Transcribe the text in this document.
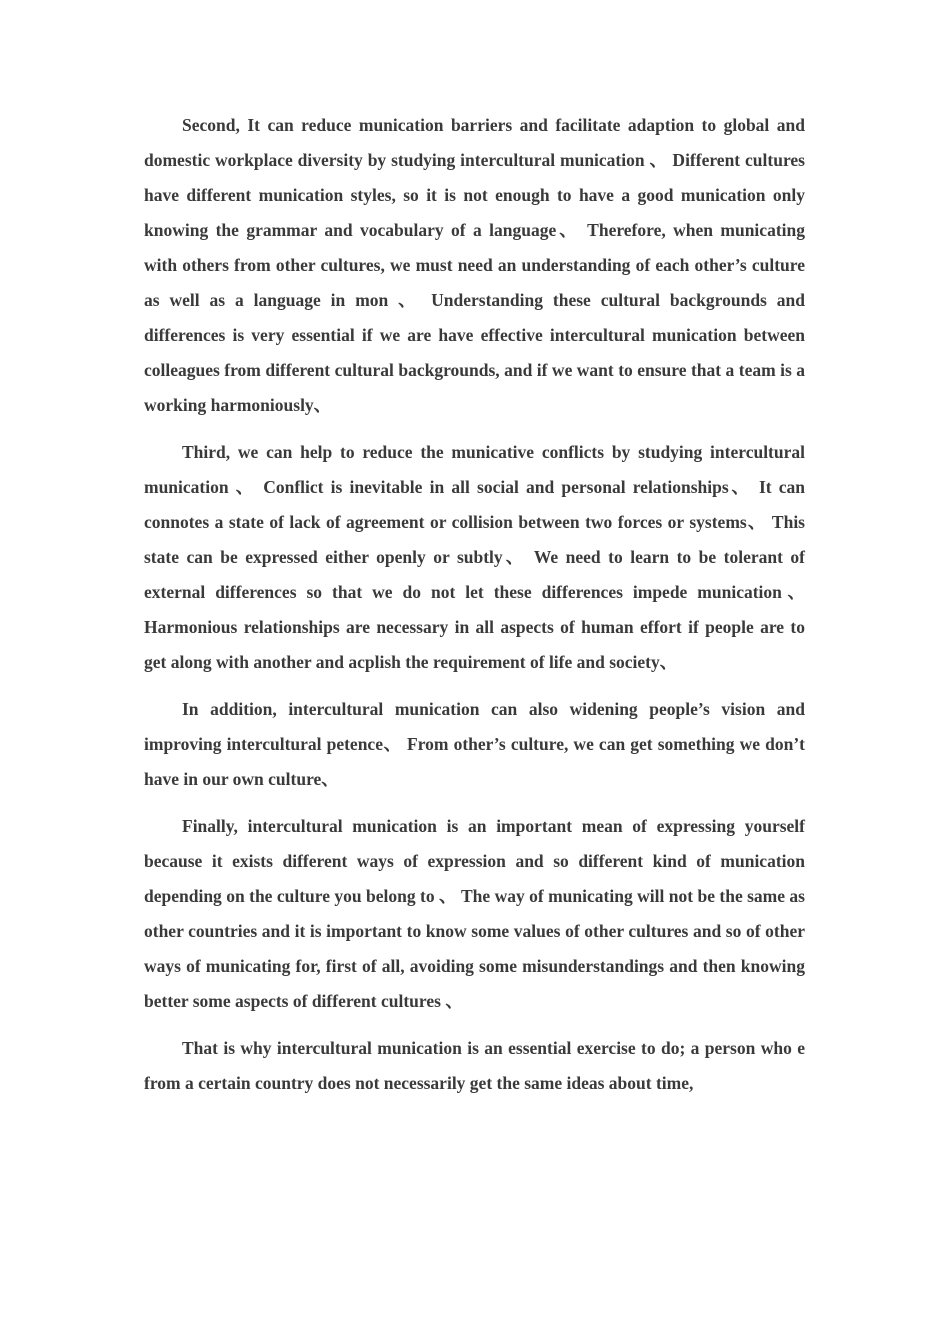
Second, It can reduce munication barriers and facilitate adaption to global and domestic workplace diversity by studying intercultural munication 、 Different cultures have different munication styles, so it is not enough to have a good munication only knowing the grammar and vocabulary of a language、 Therefore, when municating with others from other cultures, we must need an understanding of each other’s culture as well as a language in mon 、 Understanding these cultural backgrounds and differences is very essential if we are have effective intercultural munication between colleagues from different cultural backgrounds, and if we want to ensure that a team is a working harmoniously、

Third, we can help to reduce the municative conflicts by studying intercultural munication 、 Conflict is inevitable in all social and personal relationships、 It can connotes a state of lack of agreement or collision between two forces or systems、 This state can be expressed either openly or subtly、 We need to learn to be tolerant of external differences so that we do not let these differences impede munication、 Harmonious relationships are necessary in all aspects of human effort if people are to get along with another and acplish the requirement of life and society、

In addition, intercultural munication can also widening people’s vision and improving intercultural petence、 From other’s culture, we can get something we don’t have in our own culture、

Finally, intercultural munication is an important mean of expressing yourself because it exists different ways of expression and so different kind of munication depending on the culture you belong to 、 The way of municating will not be the same as other countries and it is important to know some values of other cultures and so of other ways of municating for, first of all, avoiding some misunderstandings and then knowing better some aspects of different cultures 、

That is why intercultural munication is an essential exercise to do; a person who e from a certain country does not necessarily get the same ideas about time,
